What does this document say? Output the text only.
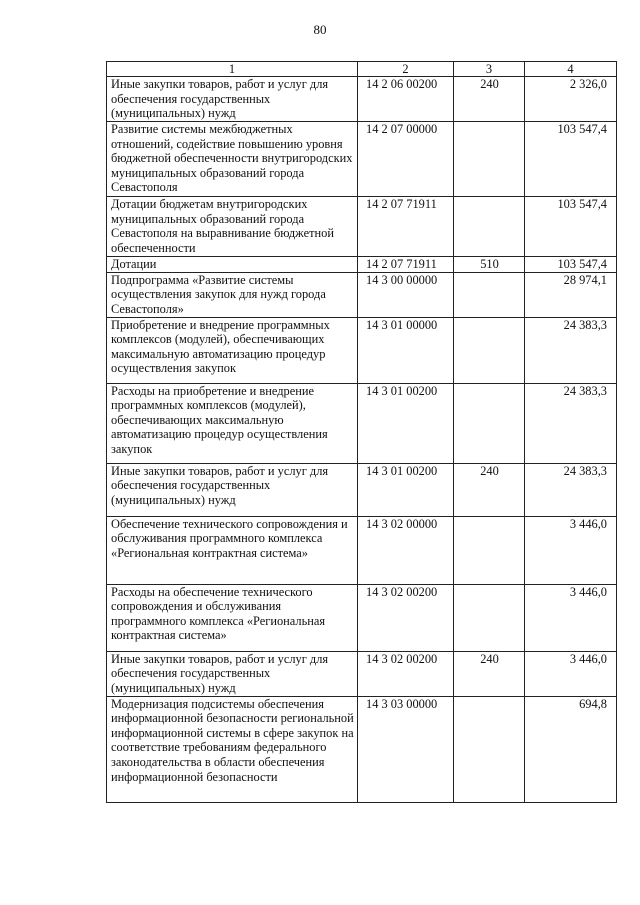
80
1	2	3	4
Иные закупки товаров, работ и услуг для обеспечения государственных (муниципальных) нужд	14 2 06 00200	240	2 326,0
Развитие системы межбюджетных отношений, содействие повышению уровня бюджетной обеспеченности внутригородских муниципальных образований города Севастополя	14 2 07 00000		103 547,4
Дотации бюджетам внутригородских муниципальных образований города Севастополя на выравнивание бюджетной обеспеченности	14 2 07 71911		103 547,4
Дотации	14 2 07 71911	510	103 547,4
Подпрограмма «Развитие системы осуществления закупок для нужд города Севастополя»	14 3 00 00000		28 974,1
Приобретение и внедрение программных комплексов (модулей), обеспечивающих максимальную автоматизацию процедур осуществления закупок	14 3 01 00000		24 383,3
Расходы на приобретение и внедрение программных комплексов (модулей), обеспечивающих максимальную автоматизацию процедур осуществления закупок	14 3 01 00200		24 383,3
Иные закупки товаров, работ и услуг для обеспечения государственных (муниципальных) нужд	14 3 01 00200	240	24 383,3
Обеспечение технического сопровождения и обслуживания программного комплекса «Региональная контрактная система»	14 3 02 00000		3 446,0
Расходы на обеспечение технического сопровождения и обслуживания программного комплекса «Региональная контрактная система»	14 3 02 00200		3 446,0
Иные закупки товаров, работ и услуг для обеспечения государственных (муниципальных) нужд	14 3 02 00200	240	3 446,0
Модернизация подсистемы обеспечения информационной безопасности региональной информационной системы в сфере закупок на соответствие требованиям федерального законодательства в области обеспечения информационной безопасности	14 3 03 00000		694,8
